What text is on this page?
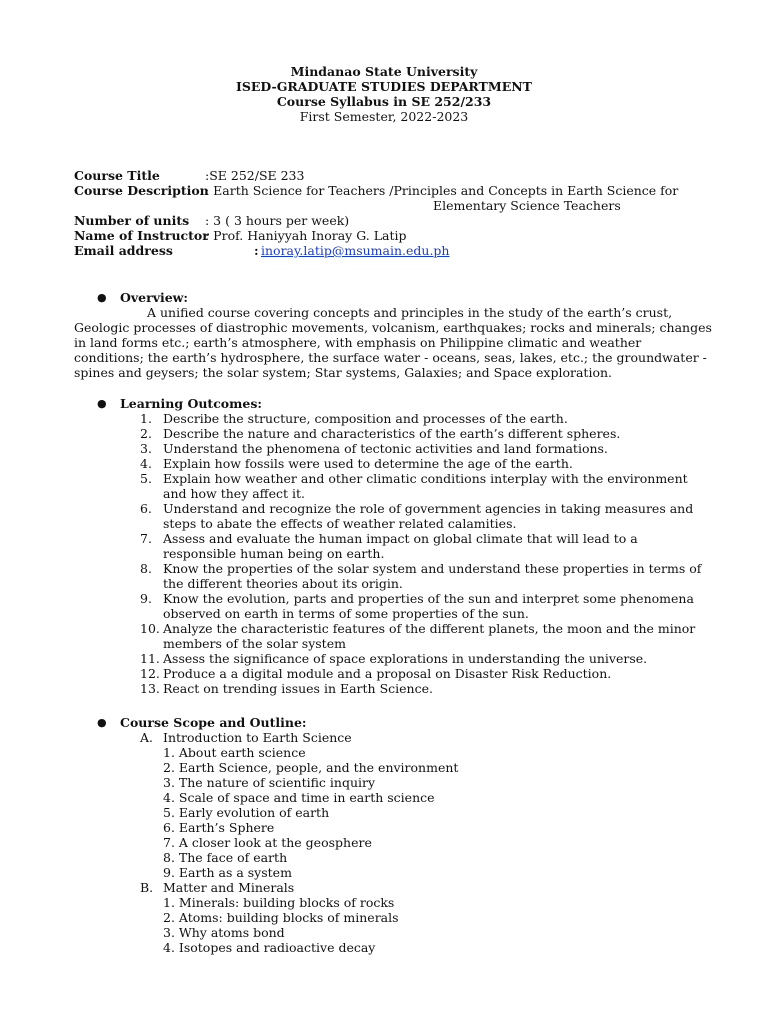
Mindanao State University
ISED-GRADUATE STUDIES DEPARTMENT
Course Syllabus in SE 252/233
First Semester, 2022-2023
Course Title	:SE 252/SE 233
Course Description
: Earth Science for Teachers /Principles and Concepts in Earth Science for
Elementary Science Teachers
Number of units : 3 ( 3 hours per week)
Name of Instructor
: Prof. Haniyyah Inoray G. Latip
Email address	: inoray.latip@msumain.edu.ph
● Overview:

A unified course covering concepts and principles in the study of the earth’s crust, Geologic processes of diastrophic movements, volcanism, earthquakes; rocks and minerals; changes in land forms etc.; earth’s atmosphere, with emphasis on Philippine climatic and weather conditions; the earth’s hydrosphere, the surface water - oceans, seas, lakes, etc.; the groundwater - spines and geysers; the solar system; Star systems, Galaxies; and Space exploration.

● Learning Outcomes:
1. Describe the structure, composition and processes of the earth.
2. Describe the nature and characteristics of the earth’s different spheres.
3. Understand the phenomena of tectonic activities and land formations.
4. Explain how fossils were used to determine the age of the earth.
5. Explain how weather and other climatic conditions interplay with the environment and how they affect it.
6. Understand and recognize the role of government agencies in taking measures and steps to abate the effects of weather related calamities.
7. Assess and evaluate the human impact on global climate that will lead to a responsible human being on earth.
8. Know the properties of the solar system and understand these properties in terms of the different theories about its origin.
9. Know the evolution, parts and properties of the sun and interpret some phenomena observed on earth in terms of some properties of the sun.
10. Analyze the characteristic features of the different planets, the moon and the minor members of the solar system
11. Assess the significance of space explorations in understanding the universe.
12. Produce a a digital module and a proposal on Disaster Risk Reduction.
13. React on trending issues in Earth Science.
● Course Scope and Outline:
A. Introduction to Earth Science
1. About earth science
2. Earth Science, people, and the environment
3. The nature of scientific inquiry
4. Scale of space and time in earth science
5. Early evolution of earth
6. Earth’s Sphere
7. A closer look at the geosphere
8. The face of earth
9. Earth as a system
B. Matter and Minerals
1. Minerals: building blocks of rocks
2. Atoms: building blocks of minerals
3. Why atoms bond
4. Isotopes and radioactive decay
